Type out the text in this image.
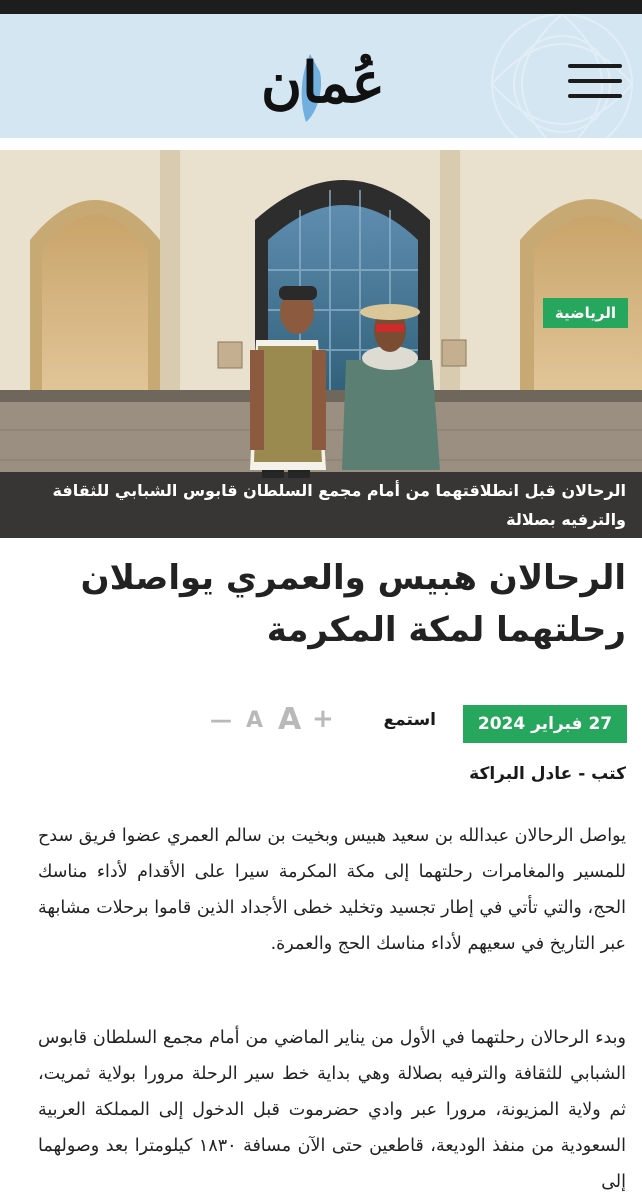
عُمان
الرياضية
الرحالان قبل انطلاقتهما من أمام مجمع السلطان قابوس الشبابي للثقافة والترفيه بصلالة
الرحالان هبيس والعمري يواصلان رحلتهما لمكة المكرمة
27 فبراير 2024
استمع
+
A
A
—
كتب - عادل البراكة

يواصل الرحالان عبدالله بن سعيد هبيس وبخيت بن سالم العمري عضوا فريق سدح للمسير والمغامرات رحلتهما إلى مكة المكرمة سيرا على الأقدام لأداء مناسك الحج، والتي تأتي في إطار تجسيد وتخليد خطى الأجداد الذين قاموا برحلات مشابهة عبر التاريخ في سعيهم لأداء مناسك الحج والعمرة.

وبدء الرحالان رحلتهما في الأول من يناير الماضي من أمام مجمع السلطان قابوس الشبابي للثقافة والترفيه بصلالة وهي بداية خط سير الرحلة مرورا بولاية ثمريت، ثم ولاية المزيونة، مرورا عبر وادي حضرموت قبل الدخول إلى المملكة العربية السعودية من منفذ الوديعة، قاطعين حتى الآن مسافة ١٨٣٠ كيلومترا بعد وصولهما إلى
